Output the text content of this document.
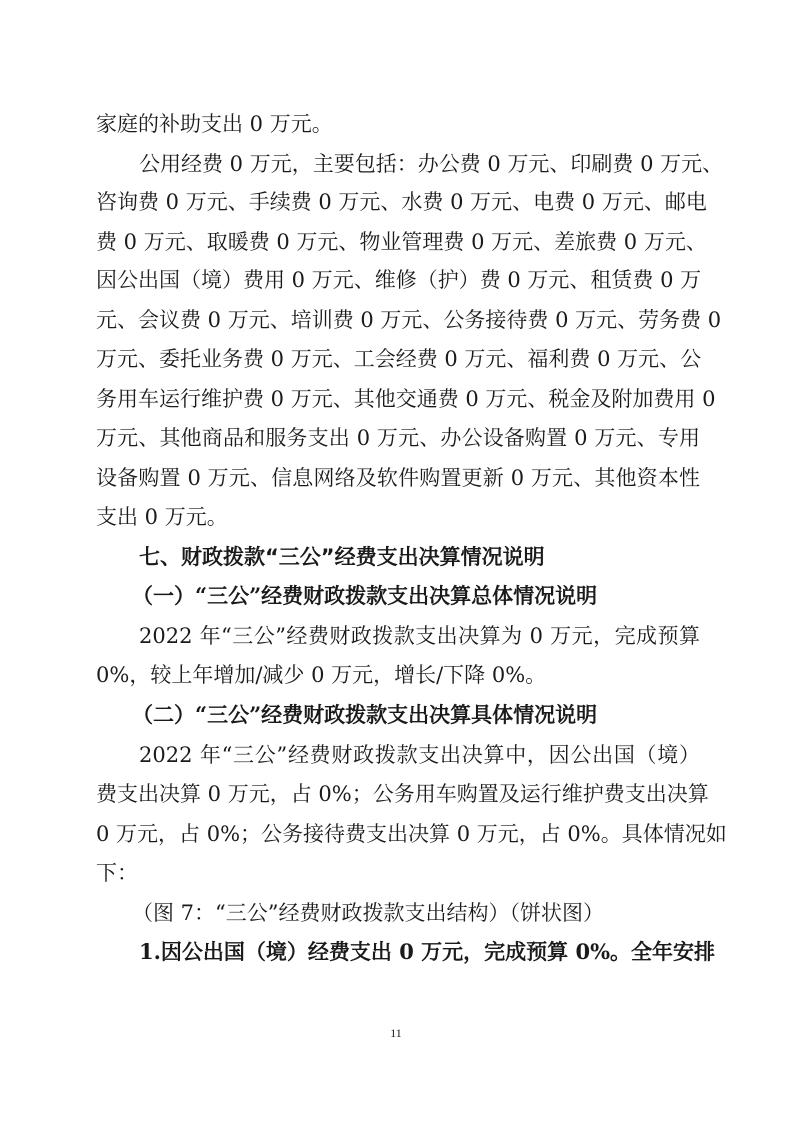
家庭的补助支出 0 万元。
公用经费 0 万元，主要包括：办公费 0 万元、印刷费 0 万元、
咨询费 0 万元、手续费 0 万元、水费 0 万元、电费 0 万元、邮电
费 0 万元、取暖费 0 万元、物业管理费 0 万元、差旅费 0 万元、
因公出国（境）费用 0 万元、维修（护）费 0 万元、租赁费 0 万
元、会议费 0 万元、培训费 0 万元、公务接待费 0 万元、劳务费 0
万元、委托业务费 0 万元、工会经费 0 万元、福利费 0 万元、公
务用车运行维护费 0 万元、其他交通费 0 万元、税金及附加费用 0
万元、其他商品和服务支出 0 万元、办公设备购置 0 万元、专用
设备购置 0 万元、信息网络及软件购置更新 0 万元、其他资本性
支出 0 万元。
七、财政拨款“三公”经费支出决算情况说明
（一）“三公”经费财政拨款支出决算总体情况说明
2022 年“三公”经费财政拨款支出决算为 0 万元，完成预算
0%，较上年增加/减少 0 万元，增长/下降 0%。
（二）“三公”经费财政拨款支出决算具体情况说明
2022 年“三公”经费财政拨款支出决算中，因公出国（境）
费支出决算 0 万元，占 0%；公务用车购置及运行维护费支出决算
0 万元，占 0%；公务接待费支出决算 0 万元，占 0%。具体情况如
下：
（图 7：“三公”经费财政拨款支出结构）（饼状图）
1.因公出国（境）经费支出 0 万元，完成预算 0%。全年安排
11
